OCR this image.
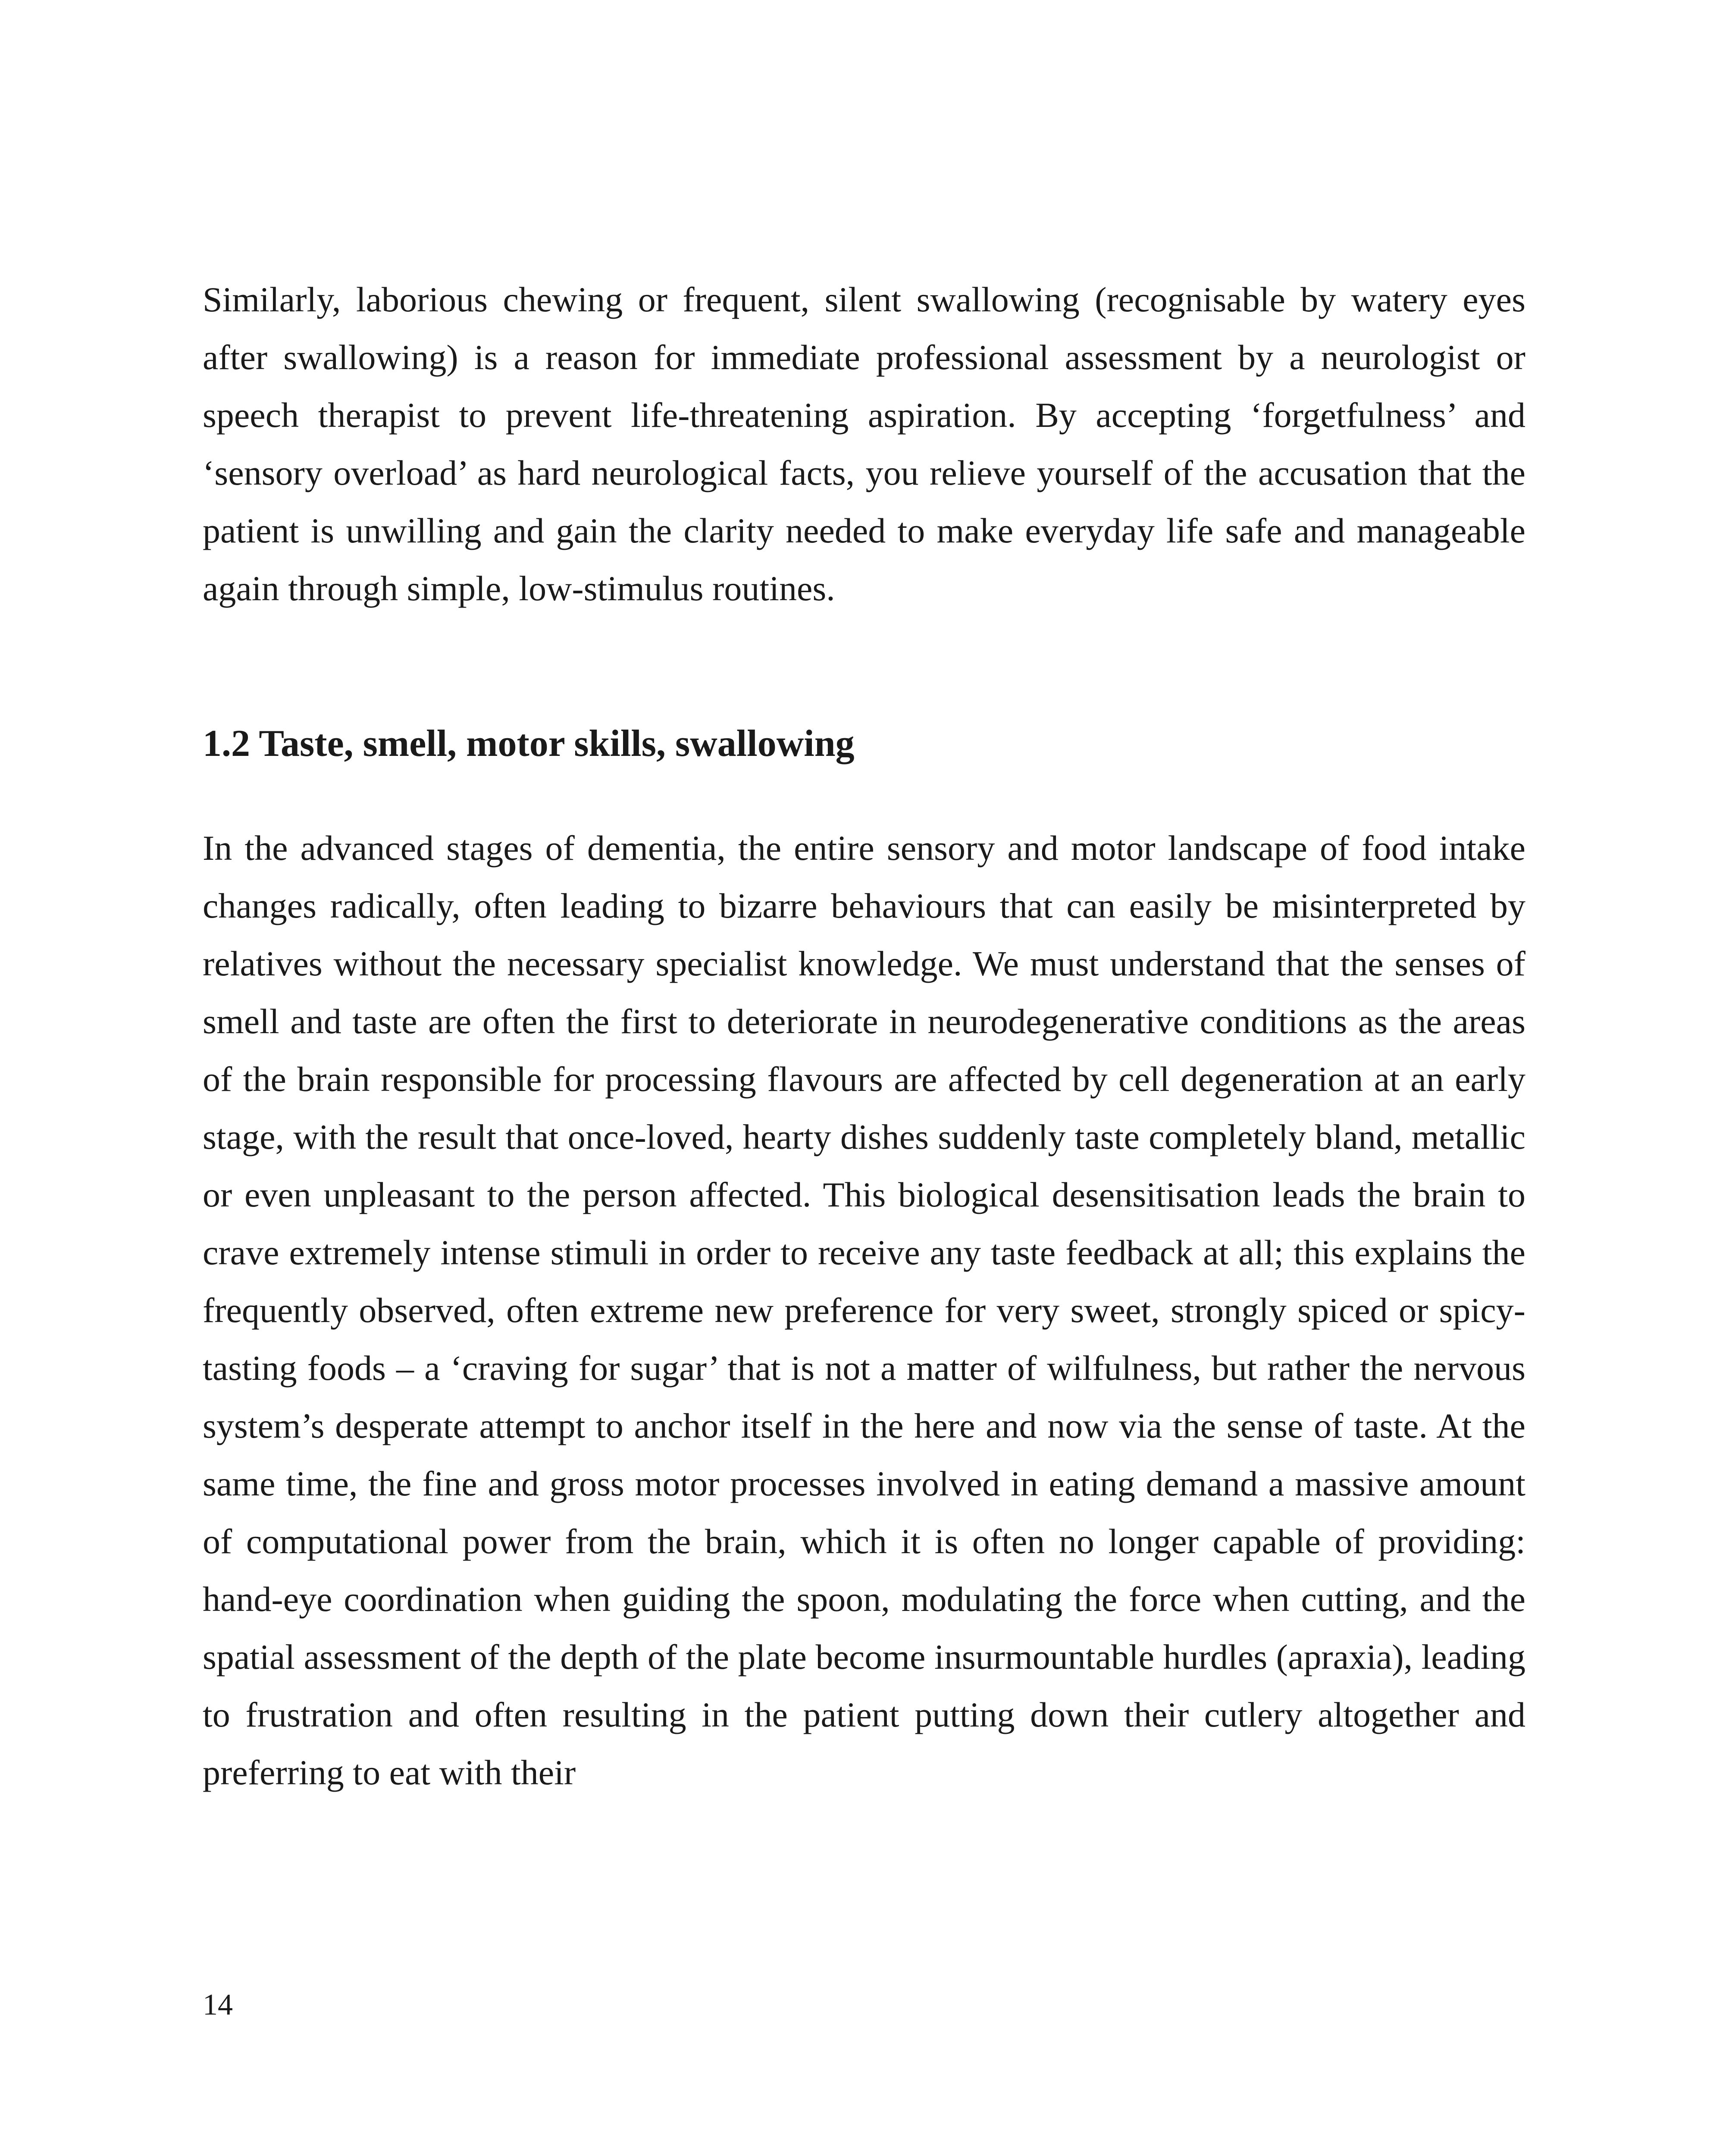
Similarly, laborious chewing or frequent, silent swallowing (recognisable by watery eyes after swallowing) is a reason for immediate professional assessment by a neurologist or speech therapist to prevent life-threatening aspiration. By accepting ‘forgetfulness’ and ‘sensory overload’ as hard neurological facts, you relieve yourself of the accusation that the patient is unwilling and gain the clarity needed to make everyday life safe and manageable again through simple, low-stimulus routines.

1.2 Taste, smell, motor skills, swallowing

In the advanced stages of dementia, the entire sensory and motor landscape of food intake changes radically, often leading to bizarre behaviours that can easily be misinterpreted by relatives without the necessary specialist knowledge. We must understand that the senses of smell and taste are often the first to deteriorate in neurodegenerative conditions as the areas of the brain responsible for processing flavours are affected by cell degeneration at an early stage, with the result that once-loved, hearty dishes suddenly taste completely bland, metallic or even unpleasant to the person affected. This biological desensitisation leads the brain to crave extremely intense stimuli in order to receive any taste feedback at all; this explains the frequently observed, often extreme new preference for very sweet, strongly spiced or spicy-tasting foods – a ‘craving for sugar’ that is not a matter of wilfulness, but rather the nervous system’s desperate attempt to anchor itself in the here and now via the sense of taste. At the same time, the fine and gross motor processes involved in eating demand a massive amount of computational power from the brain, which it is often no longer capable of providing: hand-eye coordination when guiding the spoon, modulating the force when cutting, and the spatial assessment of the depth of the plate become insurmountable hurdles (apraxia), leading to frustration and often resulting in the patient putting down their cutlery altogether and preferring to eat with their

14
